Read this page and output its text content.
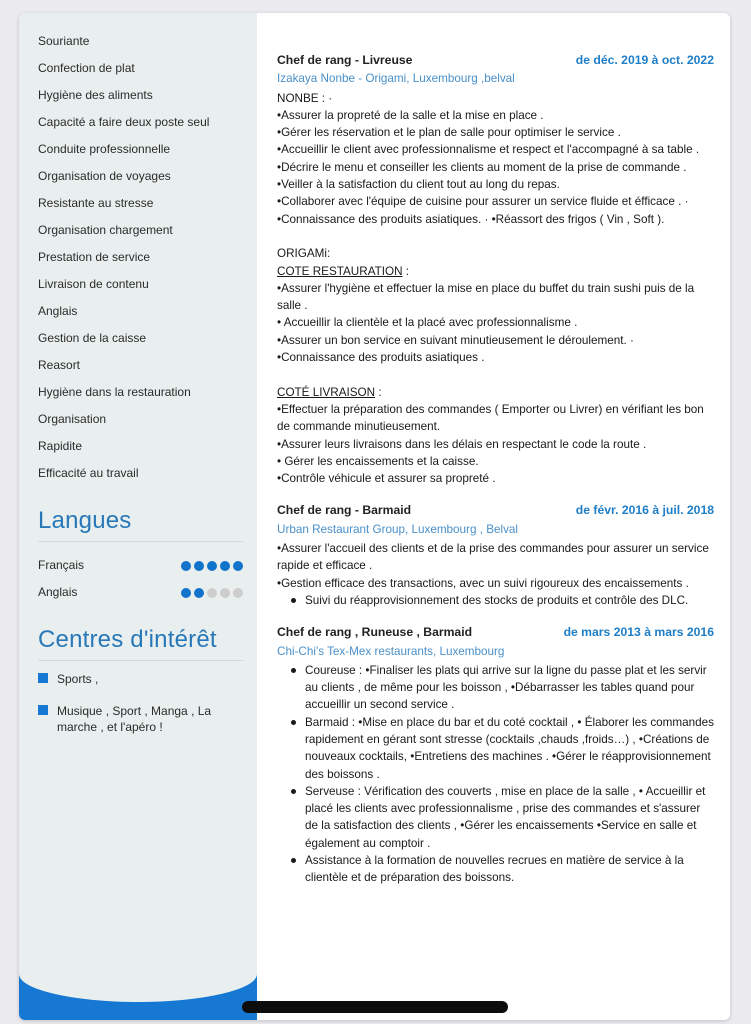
Souriante
Confection de plat
Hygiène des aliments
Capacité a faire deux poste seul
Conduite professionnelle
Organisation de voyages
Resistante au stresse
Organisation chargement
Prestation de service
Livraison de contenu
Anglais
Gestion de la caisse
Reasort
Hygiène dans la restauration
Organisation
Rapidite
Efficacité au travail
Langues
Français
Anglais
Centres d'intérêt
Sports ,
Musique , Sport , Manga , La marche , et l'apéro !
Chef de rang - Livreuse	de déc. 2019 à oct. 2022
Izakaya Nonbe - Origami, Luxembourg ,belval
NONBE : ·
•Assurer la propreté de la salle et la mise en place .
•Gérer les réservation et le plan de salle pour optimiser le service .
•Accueillir le client avec professionnalisme et respect et l'accompagné à sa table .
•Décrire le menu et conseiller les clients au moment de la prise de commande . •Veiller à la satisfaction du client tout au long du repas.
•Collaborer avec l'équipe de cuisine pour assurer un service fluide et éfficace . ·
•Connaissance des produits asiatiques. · •Réassort des frigos ( Vin , Soft ).
ORIGAMi:
COTE RESTAURATION :
•Assurer l'hygiène et effectuer la mise en place du buffet du train sushi puis de la salle .
• Accueillir la clientèle et la placé avec professionnalisme .
•Assurer un bon service en suivant minutieusement le déroulement. · •Connaissance des produits asiatiques .
COTÉ LIVRAISON :
•Effectuer la préparation des commandes ( Emporter ou Livrer) en vérifiant les bon de commande minutieusement.
•Assurer leurs livraisons dans les délais en respectant le code la route .
• Gérer les encaissements et la caisse.
•Contrôle véhicule et assurer sa propreté .
Chef de rang - Barmaid	de févr. 2016 à juil. 2018
Urban Restaurant Group, Luxembourg , Belval
•Assurer l'accueil des clients et de la prise des commandes pour assurer un service rapide et efficace .
•Gestion efficace des transactions, avec un suivi rigoureux des encaissements .
Suivi du réapprovisionnement des stocks de produits et contrôle des DLC.
Chef de rang , Runeuse , Barmaid	de mars 2013 à mars 2016
Chi-Chi's Tex-Mex restaurants, Luxembourg
Coureuse : •Finaliser les plats qui arrive sur la ligne du passe plat et les servir au clients , de même pour les boisson , •Débarrasser les tables quand pour accueillir un second service .
Barmaid : •Mise en place du bar et du coté cocktail , • Élaborer les commandes rapidement en gérant sont stresse (cocktails ,chauds ,froids…) , •Créations de nouveaux cocktails, •Entretiens des machines . •Gérer le réapprovisionnement des boissons .
Serveuse : Vérification des couverts , mise en place de la salle , • Accueillir et placé les clients avec professionnalisme , prise des commandes et s'assurer de la satisfaction des clients , •Gérer les encaissements •Service en salle et également au comptoir .
Assistance à la formation de nouvelles recrues en matière de service à la clientèle et de préparation des boissons.
